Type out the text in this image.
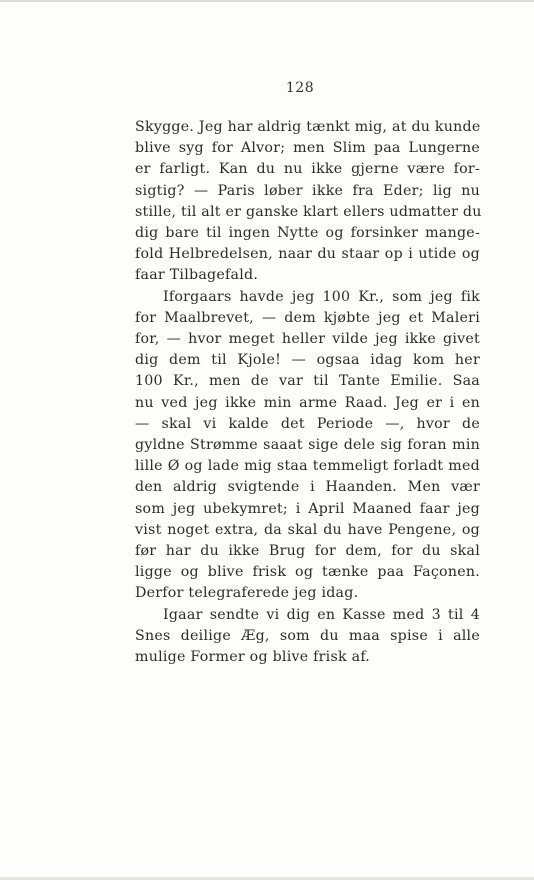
128
Skygge. Jeg har aldrig tænkt mig, at du kunde
blive syg for Alvor; men Slim paa Lungerne
er farligt. Kan du nu ikke gjerne være for-
sigtig? — Paris løber ikke fra Eder; lig nu
stille, til alt er ganske klart ellers udmatter du
dig bare til ingen Nytte og forsinker mange-
fold Helbredelsen, naar du staar op i utide og
faar Tilbagefald.
Iforgaars havde jeg 100 Kr., som jeg fik
for Maalbrevet, — dem kjøbte jeg et Maleri
for, — hvor meget heller vilde jeg ikke givet
dig dem til Kjole! — ogsaa idag kom her
100 Kr., men de var til Tante Emilie. Saa
nu ved jeg ikke min arme Raad. Jeg er i en
— skal vi kalde det Periode —, hvor de
gyldne Strømme saaat sige dele sig foran min
lille Ø og lade mig staa temmeligt forladt med
den aldrig svigtende i Haanden. Men vær
som jeg ubekymret; i April Maaned faar jeg
vist noget extra, da skal du have Pengene, og
før har du ikke Brug for dem, for du skal
ligge og blive frisk og tænke paa Façonen.
Derfor telegraferede jeg idag.
Igaar sendte vi dig en Kasse med 3 til 4
Snes deilige Æg, som du maa spise i alle
mulige Former og blive frisk af.
